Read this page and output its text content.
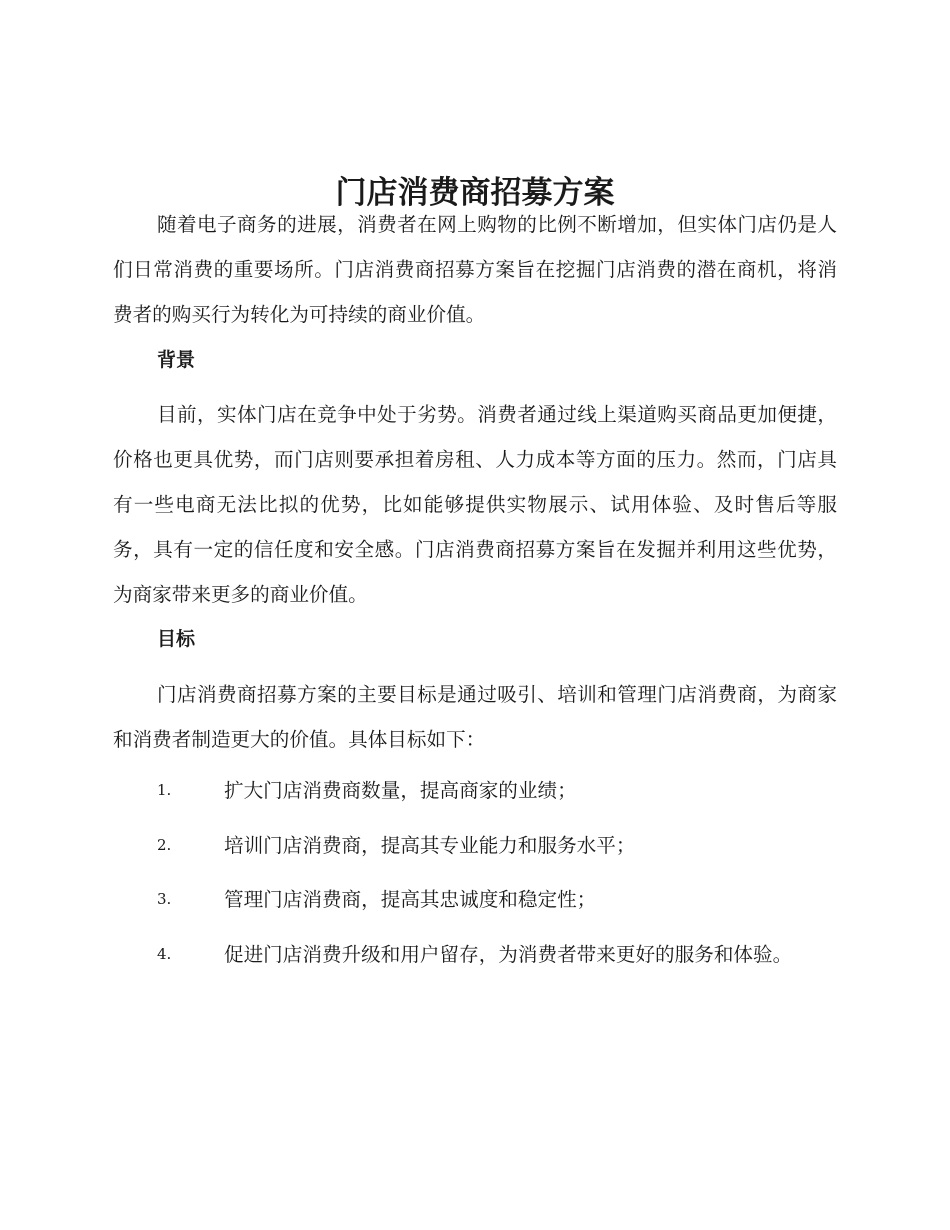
门店消费商招募方案

随着电子商务的进展，消费者在网上购物的比例不断增加，但实体门店仍是人们日常消费的重要场所。门店消费商招募方案旨在挖掘门店消费的潜在商机，将消费者的购买行为转化为可持续的商业价值。

背景

目前，实体门店在竞争中处于劣势。消费者通过线上渠道购买商品更加便捷，价格也更具优势，而门店则要承担着房租、人力成本等方面的压力。然而，门店具有一些电商无法比拟的优势，比如能够提供实物展示、试用体验、及时售后等服务，具有一定的信任度和安全感。门店消费商招募方案旨在发掘并利用这些优势，为商家带来更多的商业价值。

目标

门店消费商招募方案的主要目标是通过吸引、培训和管理门店消费商，为商家和消费者制造更大的价值。具体目标如下：

1.	扩大门店消费商数量，提高商家的业绩；
2.	培训门店消费商，提高其专业能力和服务水平；
3.	管理门店消费商，提高其忠诚度和稳定性；
4.	促进门店消费升级和用户留存，为消费者带来更好的服务和体验。
